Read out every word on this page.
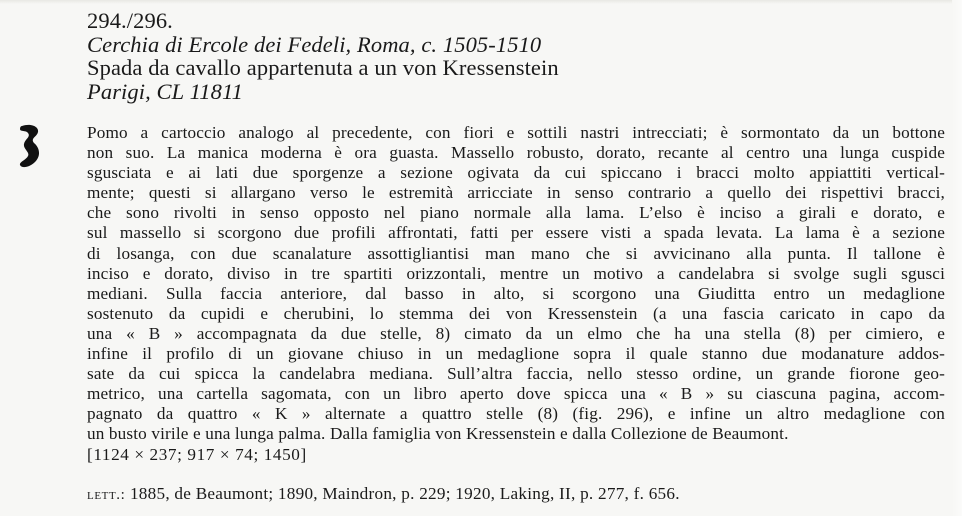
294./296.
Cerchia di Ercole dei Fedeli, Roma, c. 1505-1510
Spada da cavallo appartenuta a un von Kressenstein
Parigi, CL 11811
Pomo a cartoccio analogo al precedente, con fiori e sottili nastri intrecciati; è sormontato da un bottone
non suo. La manica moderna è ora guasta. Massello robusto, dorato, recante al centro una lunga cuspide
sgusciata e ai lati due sporgenze a sezione ogivata da cui spiccano i bracci molto appiattiti vertical-
mente; questi si allargano verso le estremità arricciate in senso contrario a quello dei rispettivi bracci,
che sono rivolti in senso opposto nel piano normale alla lama. L’elso è inciso a girali e dorato, e
sul massello si scorgono due profili affrontati, fatti per essere visti a spada levata. La lama è a sezione
di losanga, con due scanalature assottigliantisi man mano che si avvicinano alla punta. Il tallone è
inciso e dorato, diviso in tre spartiti orizzontali, mentre un motivo a candelabra si svolge sugli sgusci
mediani. Sulla faccia anteriore, dal basso in alto, si scorgono una Giuditta entro un medaglione
sostenuto da cupidi e cherubini, lo stemma dei von Kressenstein (a una fascia caricato in capo da
una « B » accompagnata da due stelle, 8) cimato da un elmo che ha una stella (8) per cimiero, e
infine il profilo di un giovane chiuso in un medaglione sopra il quale stanno due modanature addos-
sate da cui spicca la candelabra mediana. Sull’altra faccia, nello stesso ordine, un grande fiorone geo-
metrico, una cartella sagomata, con un libro aperto dove spicca una « B » su ciascuna pagina, accom-
pagnato da quattro « K » alternate a quattro stelle (8) (fig. 296), e infine un altro medaglione con
un busto virile e una lunga palma. Dalla famiglia von Kressenstein e dalla Collezione de Beaumont.
[1124 × 237; 917 × 74; 1450]
lett.: 1885, de Beaumont; 1890, Maindron, p. 229; 1920, Laking, II, p. 277, f. 656.
